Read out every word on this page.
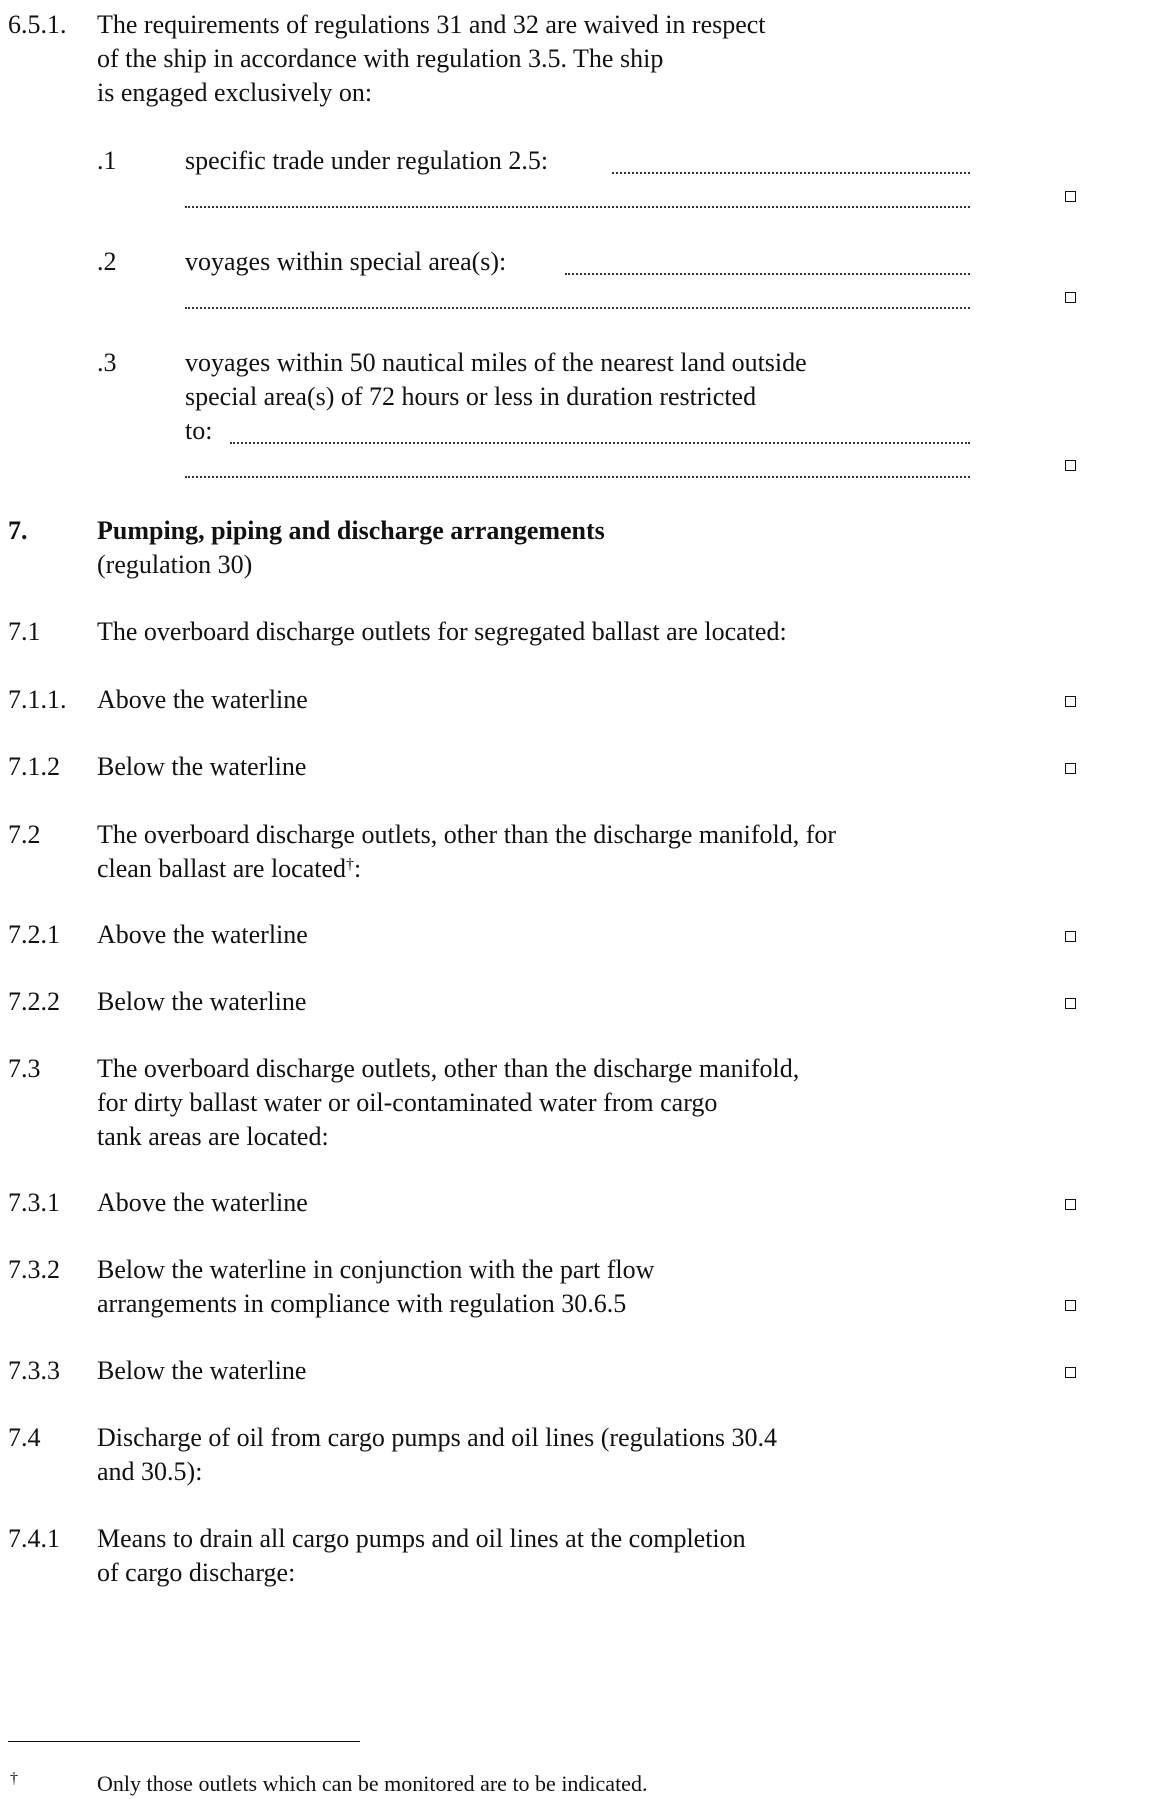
6.5.1. The requirements of regulations 31 and 32 are waived in respect
of the ship in accordance with regulation 3.5. The ship
is engaged exclusively on:
.1	specific trade under regulation 2.5:
.2	voyages within special area(s):
.3	voyages within 50 nautical miles of the nearest land outside
special area(s) of 72 hours or less in duration restricted
to:
7.	Pumping, piping and discharge arrangements
(regulation 30)
7.1 The overboard discharge outlets for segregated ballast are located:
7.1.1. Above the waterline
7.1.2 Below the waterline
7.2 The overboard discharge outlets, other than the discharge manifold, for
clean ballast are located†:
7.2.1 Above the waterline
7.2.2 Below the waterline
7.3 The overboard discharge outlets, other than the discharge manifold,
for dirty ballast water or oil-contaminated water from cargo
tank areas are located:
7.3.1 Above the waterline
7.3.2 Below the waterline in conjunction with the part flow
arrangements in compliance with regulation 30.6.5
7.3.3 Below the waterline
7.4 Discharge of oil from cargo pumps and oil lines (regulations 30.4
and 30.5):
7.4.1 Means to drain all cargo pumps and oil lines at the completion
of cargo discharge:
†	Only those outlets which can be monitored are to be indicated.
